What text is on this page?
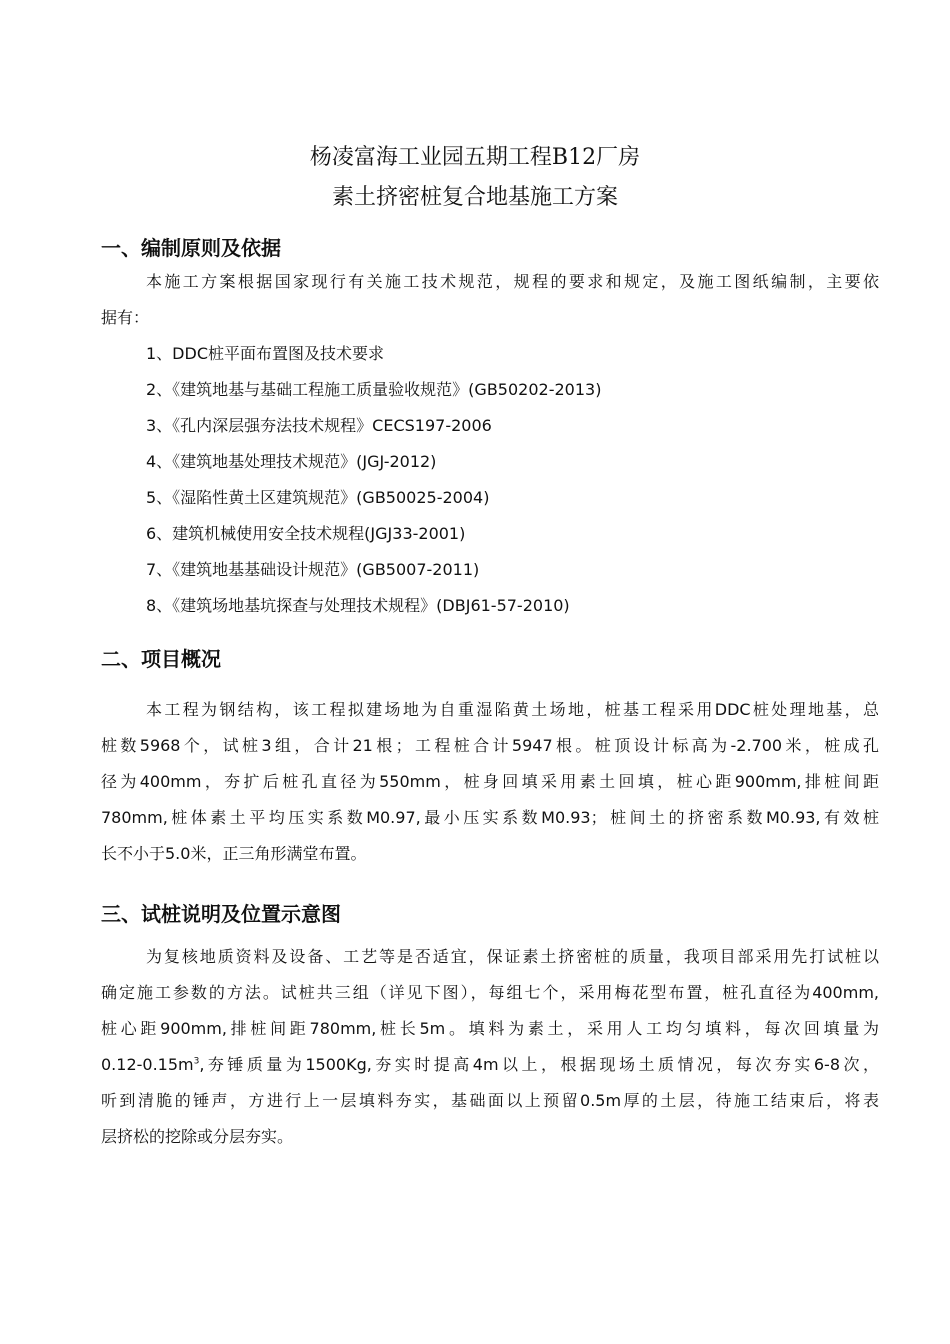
杨凌富海工业园五期工程B12厂房
素土挤密桩复合地基施工方案
一、编制原则及依据
本施工方案根据国家现行有关施工技术规范，规程的要求和规定，及施工图纸编制，主要依
据有：
1、DDC桩平面布置图及技术要求
2、《建筑地基与基础工程施工质量验收规范》(GB50202-2013)
3、《孔内深层强夯法技术规程》CECS197-2006
4、《建筑地基处理技术规范》(JGJ-2012)
5、《湿陷性黄土区建筑规范》(GB50025-2004)
6、建筑机械使用安全技术规程(JGJ33-2001)
7、《建筑地基基础设计规范》(GB5007-2011)
8、《建筑场地基坑探查与处理技术规程》(DBJ61-57-2010)
二、项目概况
本工程为钢结构，该工程拟建场地为自重湿陷黄土场地，桩基工程采用DDC桩处理地基，总
桩数5968个，试桩3组，合计21根；工程桩合计5947根。桩顶设计标高为-2.700米，桩成孔
径为400mm，夯扩后桩孔直径为550mm，桩身回填采用素土回填，桩心距900mm,排桩间距
780mm,桩体素土平均压实系数M0.97,最小压实系数M0.93；桩间土的挤密系数M0.93,有效桩
长不小于5.0米，正三角形满堂布置。
三、试桩说明及位置示意图
为复核地质资料及设备、工艺等是否适宜，保证素土挤密桩的质量，我项目部采用先打试桩以
确定施工参数的方法。试桩共三组（详见下图），每组七个，采用梅花型布置，桩孔直径为400mm,
桩心距900mm,排桩间距780mm,桩长5m。填料为素土，采用人工均匀填料，每次回填量为
$0.12-0.15m^3$,夯锤质量为1500Kg,夯实时提高4m以上，根据现场土质情况，每次夯实6-8次，
听到清脆的锤声，方进行上一层填料夯实，基础面以上预留0.5m厚的土层，待施工结束后，将表
层挤松的挖除或分层夯实。
